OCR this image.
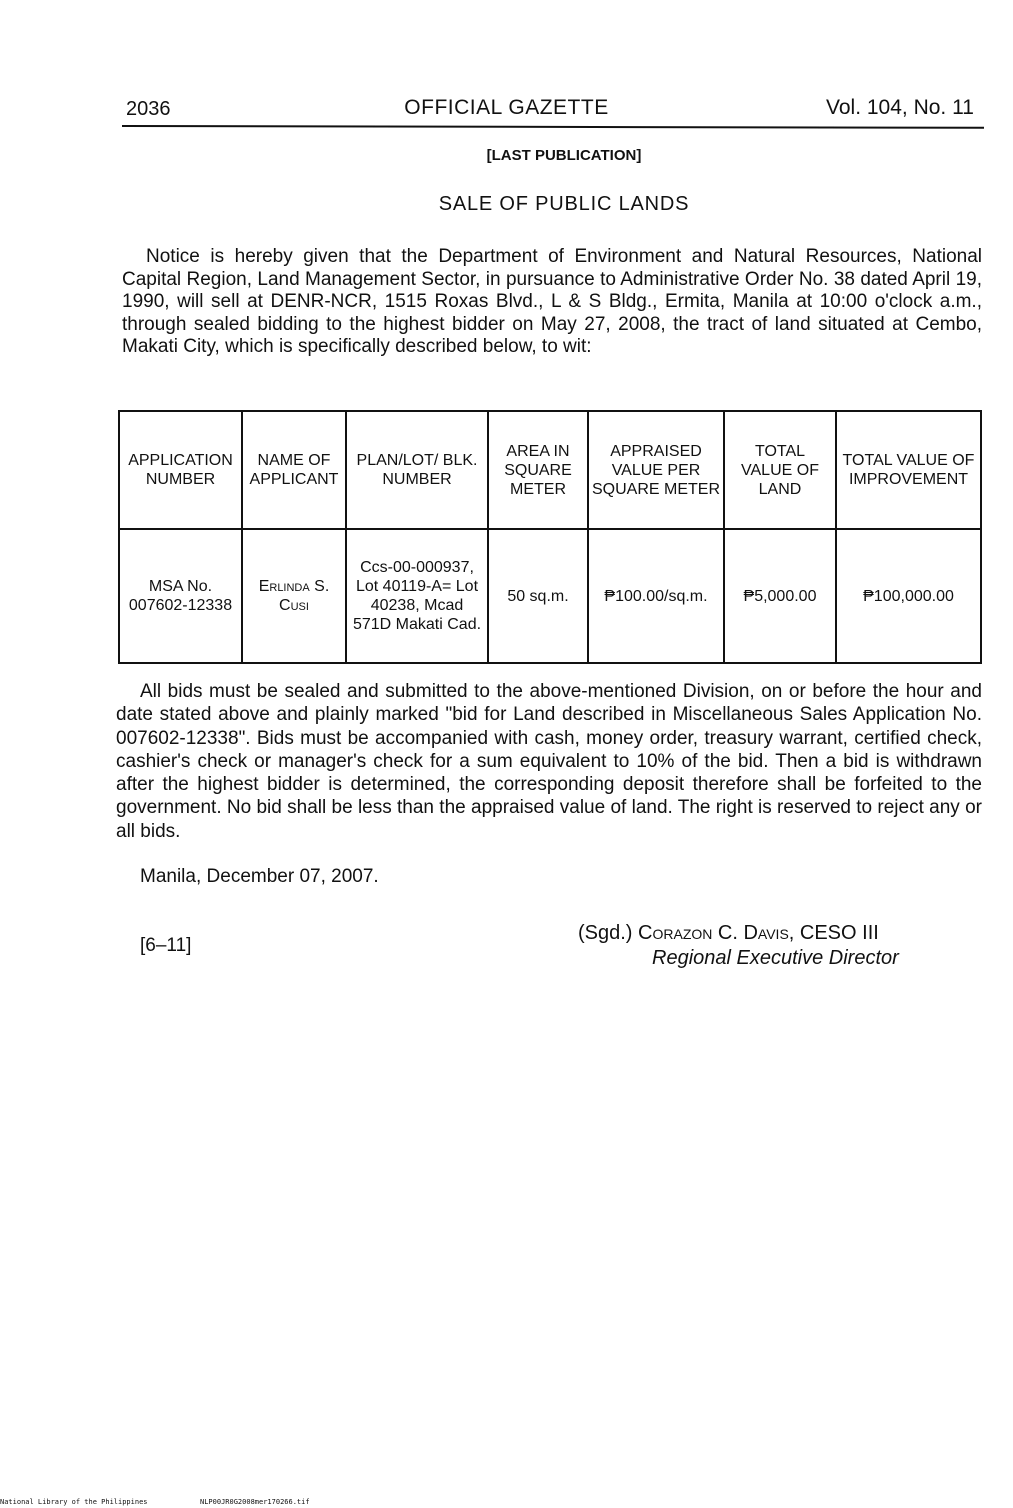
2036	OFFICIAL GAZETTE	Vol. 104, No. 11
[LAST PUBLICATION]
SALE OF PUBLIC LANDS

Notice is hereby given that the Department of Environment and Natural Resources, National Capital Region, Land Management Sector, in pursuance to Administrative Order No. 38 dated April 19, 1990, will sell at DENR-NCR, 1515 Roxas Blvd., L & S Bldg., Ermita, Manila at 10:00 o'clock a.m., through sealed bidding to the highest bidder on May 27, 2008, the tract of land situated at Cembo, Makati City, which is specifically described below, to wit:

APPLICATION NUMBER	NAME OF APPLICANT	PLAN/LOT/ BLK. NUMBER	AREA IN SQUARE METER	APPRAISED VALUE PER SQUARE METER	TOTAL VALUE OF LAND	TOTAL VALUE OF IMPROVEMENT
MSA No. 007602-12338	Erlinda S. Cusi	Ccs-00-000937, Lot 40119-A= Lot 40238, Mcad 571D Makati Cad.	50 sq.m.	₱100.00/sq.m.	₱5,000.00	₱100,000.00

All bids must be sealed and submitted to the above-mentioned Division, on or before the hour and date stated above and plainly marked "bid for Land described in Miscellaneous Sales Application No. 007602-12338". Bids must be accompanied with cash, money order, treasury warrant, certified check, cashier's check or manager's check for a sum equivalent to 10% of the bid. Then a bid is withdrawn after the highest bidder is determined, the corresponding deposit therefore shall be forfeited to the government. No bid shall be less than the appraised value of land. The right is reserved to reject any or all bids.

Manila, December 07, 2007.
[6–11]
(Sgd.) Corazon C. Davis, CESO III
Regional Executive Director
National Library of the Philippines	NLP00JR0G2008mer170266.tif
